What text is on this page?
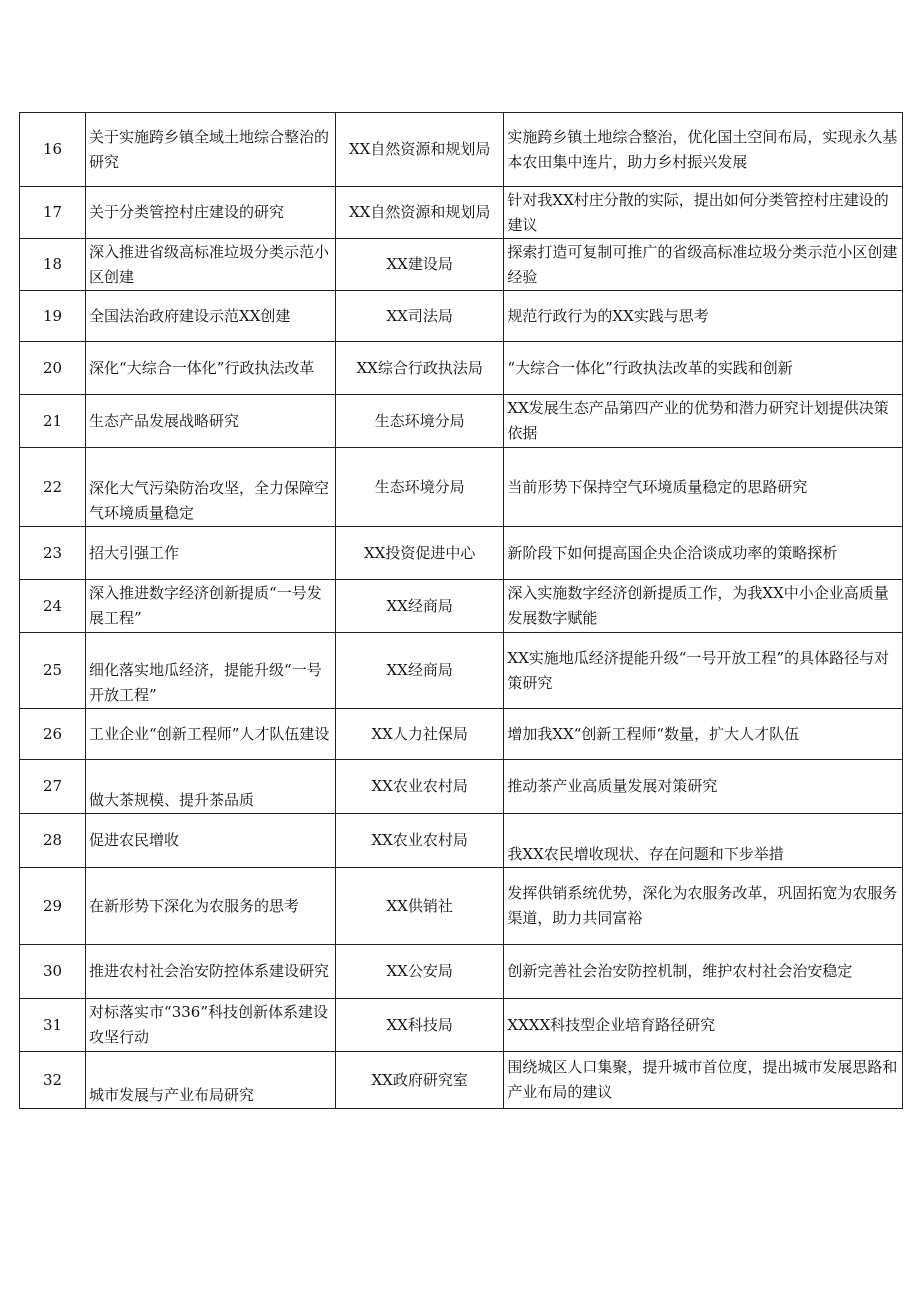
16	关于实施跨乡镇全域土地综合整治的研究	XX自然资源和规划局	实施跨乡镇土地综合整治，优化国土空间布局，实现永久基本农田集中连片，助力乡村振兴发展
17	关于分类管控村庄建设的研究	XX自然资源和规划局	针对我XX村庄分散的实际，提出如何分类管控村庄建设的建议
18	深入推进省级高标准垃圾分类示范小区创建	XX建设局	探索打造可复制可推广的省级高标准垃圾分类示范小区创建经验
19	全国法治政府建设示范XX创建	XX司法局	规范行政行为的XX实践与思考
20	深化“大综合一体化”行政执法改革	XX综合行政执法局	“大综合一体化”行政执法改革的实践和创新
21	生态产品发展战略研究	生态环境分局	XX发展生态产品第四产业的优势和潜力研究计划提供决策依据
22	深化大气污染防治攻坚，全力保障空气环境质量稳定	生态环境分局	当前形势下保持空气环境质量稳定的思路研究
23	招大引强工作	XX投资促进中心	新阶段下如何提高国企央企洽谈成功率的策略探析
24	深入推进数字经济创新提质“一号发展工程”	XX经商局	深入实施数字经济创新提质工作，为我XX中小企业高质量发展数字赋能
25	细化落实地瓜经济，提能升级“一号开放工程”	XX经商局	XX实施地瓜经济提能升级“一号开放工程”的具体路径与对策研究
26	工业企业“创新工程师”人才队伍建设	XX人力社保局	增加我XX“创新工程师“数量，扩大人才队伍
27	做大茶规模、提升茶品质	XX农业农村局	推动茶产业高质量发展对策研究
28	促进农民增收	XX农业农村局	我XX农民增收现状、存在问题和下步举措
29	在新形势下深化为农服务的思考	XX供销社	发挥供销系统优势，深化为农服务改革，巩固拓宽为农服务渠道，助力共同富裕
30	推进农村社会治安防控体系建设研究	XX公安局	创新完善社会治安防控机制，维护农村社会治安稳定
31	对标落实市“336”科技创新体系建设攻坚行动	XX科技局	XXXX科技型企业培育路径研究
32	城市发展与产业布局研究	XX政府研究室	围绕城区人口集聚，提升城市首位度，提出城市发展思路和产业布局的建议
